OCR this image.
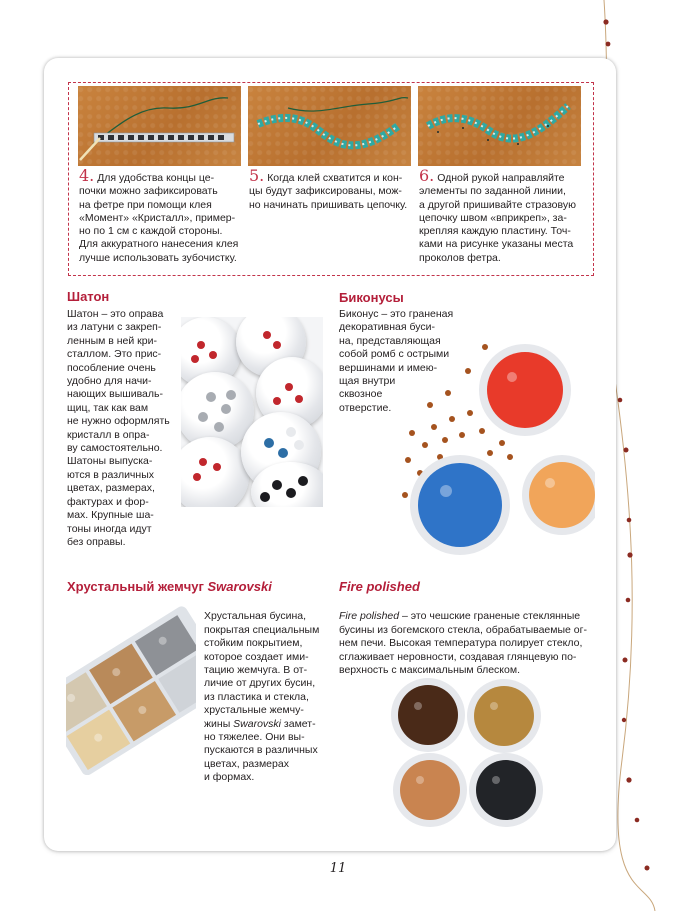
4. Для удобства концы це-
почки можно зафиксировать
на фетре при помощи клея
«Момент» «Кристалл», пример-
но по 1 см с каждой стороны.
Для аккуратного нанесения клея
лучше использовать зубочистку.
5. Когда клей схватится и кон-
цы будут зафиксированы, мож-
но начинать пришивать цепочку.
6. Одной рукой направляйте
элементы по заданной линии,
а другой пришивайте стразовую
цепочку швом «вприкреп», за-
крепляя каждую пластину. Точ-
ками на рисунке указаны места
проколов фетра.
Шатон
Шатон – это оправа
из латуни с закреп-
ленным в ней кри-
сталлом. Это прис-
пособление очень
удобно для начи-
нающих вышиваль-
щиц, так как вам
не нужно оформлять
кристалл в опра-
ву самостоятельно.
Шатоны выпуска-
ются в различных
цветах, размерах,
фактурах и фор-
мах. Крупные ша-
тоны иногда идут
без оправы.
Биконусы
Биконус – это граненая
декоративная буси-
на, представляющая
собой ромб с острыми
вершинами и имею-
щая внутри
сквозное
отверстие.
Хрустальный жемчуг Swarovski

Хрустальная бусина,
покрытая специальным
стойким покрытием,
которое создает ими-
тацию жемчуга. В от-
личие от других бусин,
из пластика и стекла,
хрустальные жемчу-
жины Swarovski замет-
но тяжелее. Они вы-
пускаются в различных
цветах, размерах
и формах.

Fire polished

Fire polished – это чешские граненые стеклянные
бусины из богемского стекла, обрабатываемые ог-
нем печи. Высокая температура полирует стекло,
сглаживает неровности, создавая глянцевую по-
верхность с максимальным блеском.

11
